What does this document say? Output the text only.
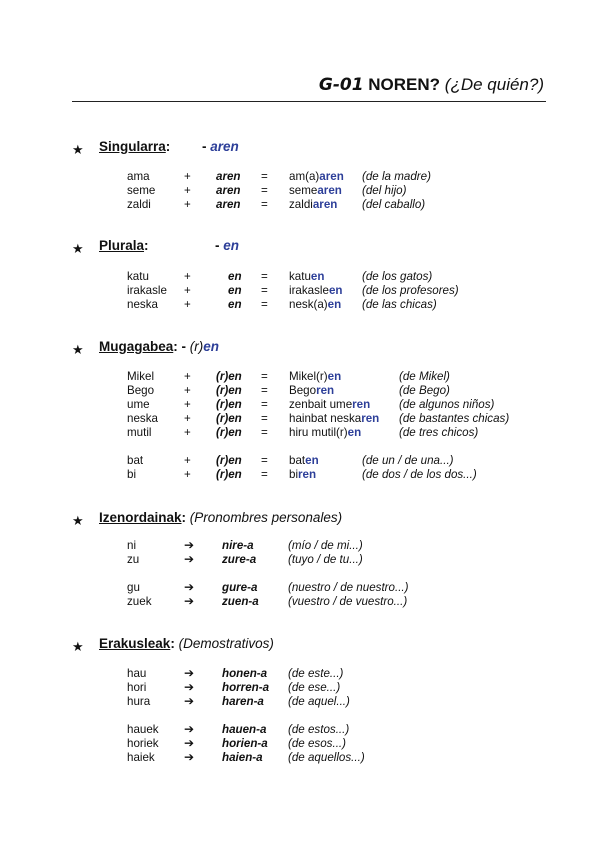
G-01 NOREN? (¿De quién?)
★ Singularra: - aren
★ Plurala:	- en
★ Mugagabea: - (r)en
★ Izenordainak: (Pronombres personales)
★ Erakusleak: (Demostrativos)
ama	+ aren = am(a)aren (de la madre)
seme + aren = semearen (del hijo)
zaldi	+ aren = zaldiaren (del caballo)
katu	+	en = katuen	(de los gatos)
irakasle +	en = irakasleen (de los profesores)
neska +	en = nesk(a)en (de las chicas)
Mikel	+ (r)en = Mikel(r)en	(de Mikel)
Bego	+ (r)en = Begoren	(de Bego)
ume	+ (r)en = zenbait umeren (de algunos niños)
neska + (r)en = hainbat neskaren (de bastantes chicas)
mutil	+ (r)en = hiru mutil(r)en	(de tres chicos)
bat	+ (r)en = baten	(de un / de una...)
bi	+ (r)en = biren	(de dos / de los dos...)
ni	➔ nire-a	(mío / de mi...)
zu	➔ zure-a	(tuyo / de tu...)
gu	➔ gure-a	(nuestro / de nuestro...)
zuek	➔ zuen-a	(vuestro / de vuestro...)
hau	➔ honen-a (de este...)
hori	➔ horren-a (de ese...)
hura	➔ haren-a (de aquel...)
hauek ➔ hauen-a (de estos...)
horiek ➔ horien-a (de esos...)
haiek ➔ haien-a (de aquellos...)
